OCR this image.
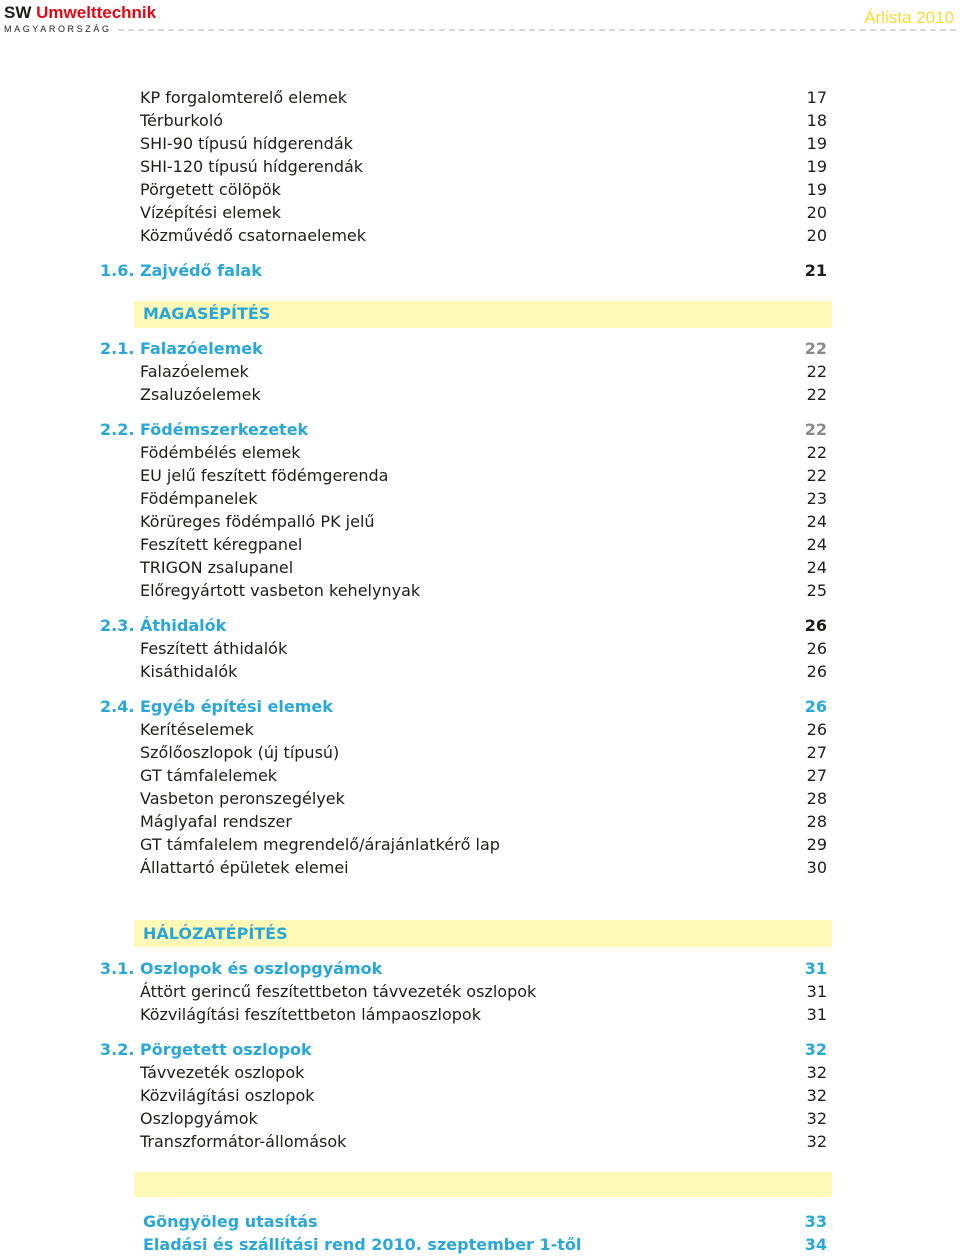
SW Umwelttechnik
MAGYARORSZÁG
Árlista 2010
MAGASÉPÍTÉS
HÁLÓZATÉPÍTÉS
KP forgalomterelő elemek	17
Térburkoló	18
SHI-90 típusú hídgerendák	19
SHI-120 típusú hídgerendák	19
Pörgetett cölöpök	19
Vízépítési elemek	20
Közművédő csatornaelemek	20
1.6. Zajvédő falak	21
2.1. Falazóelemek	22
Falazóelemek	22
Zsaluzóelemek	22
2.2. Födémszerkezetek	22
Födémbélés elemek	22
EU jelű feszített födémgerenda	22
Födémpanelek	23
Körüreges födémpalló PK jelű	24
Feszített kéregpanel	24
TRIGON zsalupanel	24
Előregyártott vasbeton kehelynyak	25
2.3. Áthidalók	26
Feszített áthidalók	26
Kisáthidalók	26
2.4. Egyéb építési elemek	26
Kerítéselemek	26
Szőlőoszlopok (új típusú)	27
GT támfalelemek	27
Vasbeton peronszegélyek	28
Máglyafal rendszer	28
GT támfalelem megrendelő/árajánlatkérő lap	29
Állattartó épületek elemei	30
3.1. Oszlopok és oszlopgyámok	31
Áttört gerincű feszítettbeton távvezeték oszlopok	31
Közvilágítási feszítettbeton lámpaoszlopok	31
3.2. Pörgetett oszlopok	32
Távvezeték oszlopok	32
Közvilágítási oszlopok	32
Oszlopgyámok	32
Transzformátor-állomások	32
Göngyöleg utasítás	33
Eladási és szállítási rend 2010. szeptember 1-től	34
